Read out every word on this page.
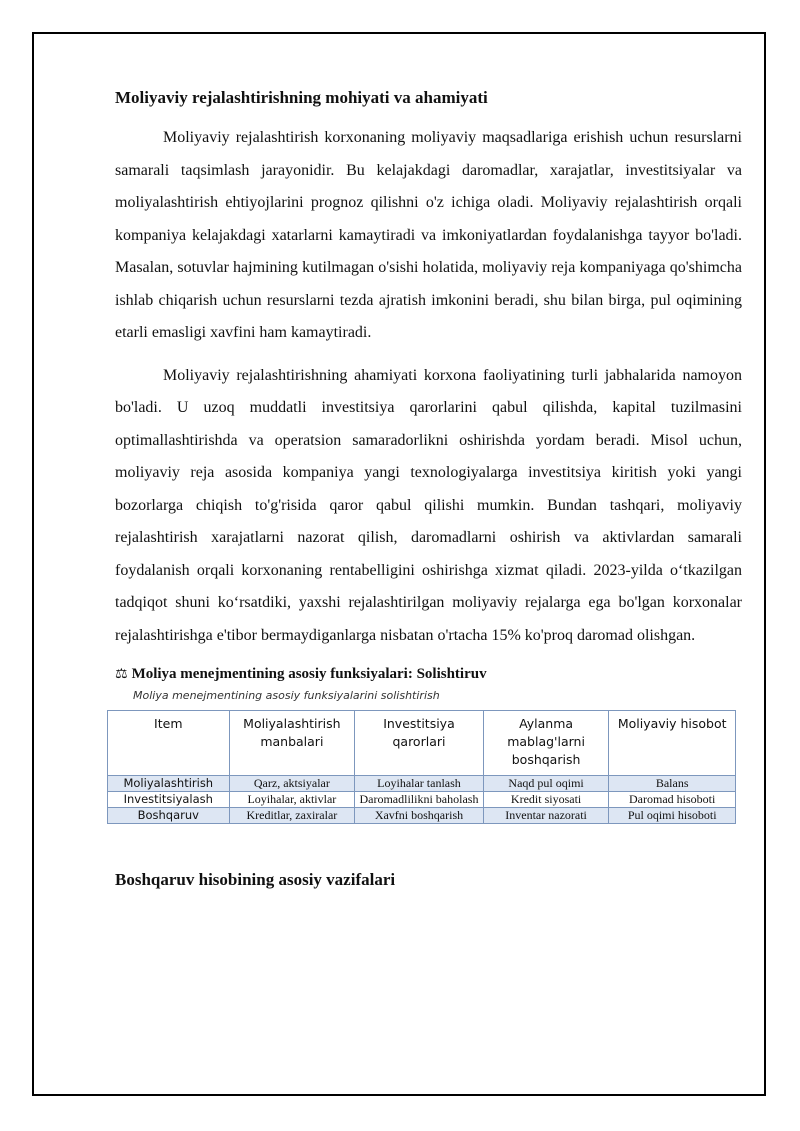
Moliyaviy rejalashtirishning mohiyati va ahamiyati

Moliyaviy rejalashtirish korxonaning moliyaviy maqsadlariga erishish uchun resurslarni samarali taqsimlash jarayonidir. Bu kelajakdagi daromadlar, xarajatlar, investitsiyalar va moliyalashtirish ehtiyojlarini prognoz qilishni o'z ichiga oladi. Moliyaviy rejalashtirish orqali kompaniya kelajakdagi xatarlarni kamaytiradi va imkoniyatlardan foydalanishga tayyor bo'ladi. Masalan, sotuvlar hajmining kutilmagan o'sishi holatida, moliyaviy reja kompaniyaga qo'shimcha ishlab chiqarish uchun resurslarni tezda ajratish imkonini beradi, shu bilan birga, pul oqimining etarli emasligi xavfini ham kamaytiradi.

Moliyaviy rejalashtirishning ahamiyati korxona faoliyatining turli jabhalarida namoyon bo'ladi. U uzoq muddatli investitsiya qarorlarini qabul qilishda, kapital tuzilmasini optimallashtirishda va operatsion samaradorlikni oshirishda yordam beradi. Misol uchun, moliyaviy reja asosida kompaniya yangi texnologiyalarga investitsiya kiritish yoki yangi bozorlarga chiqish to'g'risida qaror qabul qilishi mumkin. Bundan tashqari, moliyaviy rejalashtirish xarajatlarni nazorat qilish, daromadlarni oshirish va aktivlardan samarali foydalanish orqali korxonaning rentabelligini oshirishga xizmat qiladi. 2023-yilda o‘tkazilgan tadqiqot shuni ko‘rsatdiki, yaxshi rejalashtirilgan moliyaviy rejalarga ega bo'lgan korxonalar rejalashtirishga e'tibor bermaydiganlarga nisbatan o'rtacha 15% ko'proq daromad olishgan.

⚖ Moliya menejmentining asosiy funksiyalari: Solishtiruv
Moliya menejmentining asosiy funksiyalarini solishtirish
Item	Moliyalashtirish manbalari	Investitsiya qarorlari	Aylanma mablag'larni boshqarish	Moliyaviy hisobot
Moliyalashtirish	Qarz, aktsiyalar	Loyihalar tanlash	Naqd pul oqimi	Balans
Investitsiyalash	Loyihalar, aktivlar	Daromadlilikni baholash	Kredit siyosati	Daromad hisoboti
Boshqaruv	Kreditlar, zaxiralar	Xavfni boshqarish	Inventar nazorati	Pul oqimi hisoboti
Boshqaruv hisobining asosiy vazifalari
